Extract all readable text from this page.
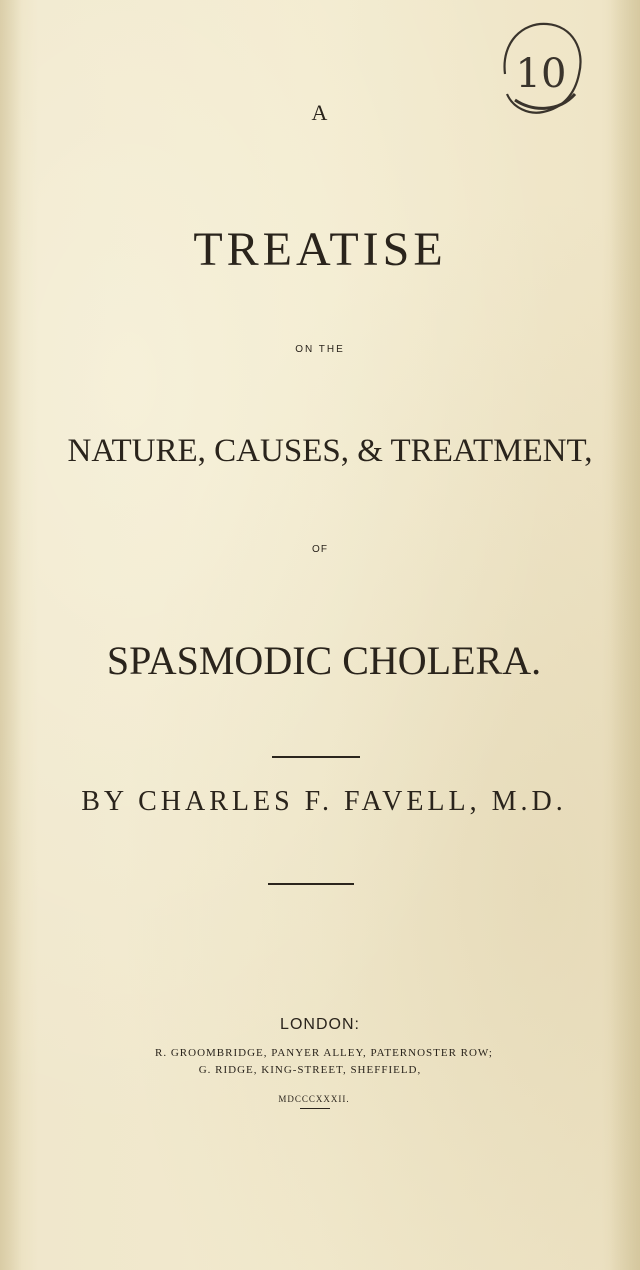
10
A
TREATISE
ON THE
NATURE, CAUSES, & TREATMENT,
OF
SPASMODIC CHOLERA.
BY CHARLES F. FAVELL, M.D.
LONDON:
R. GROOMBRIDGE, PANYER ALLEY, PATERNOSTER ROW;
G. RIDGE, KING-STREET, SHEFFIELD,
MDCCCXXXII.
